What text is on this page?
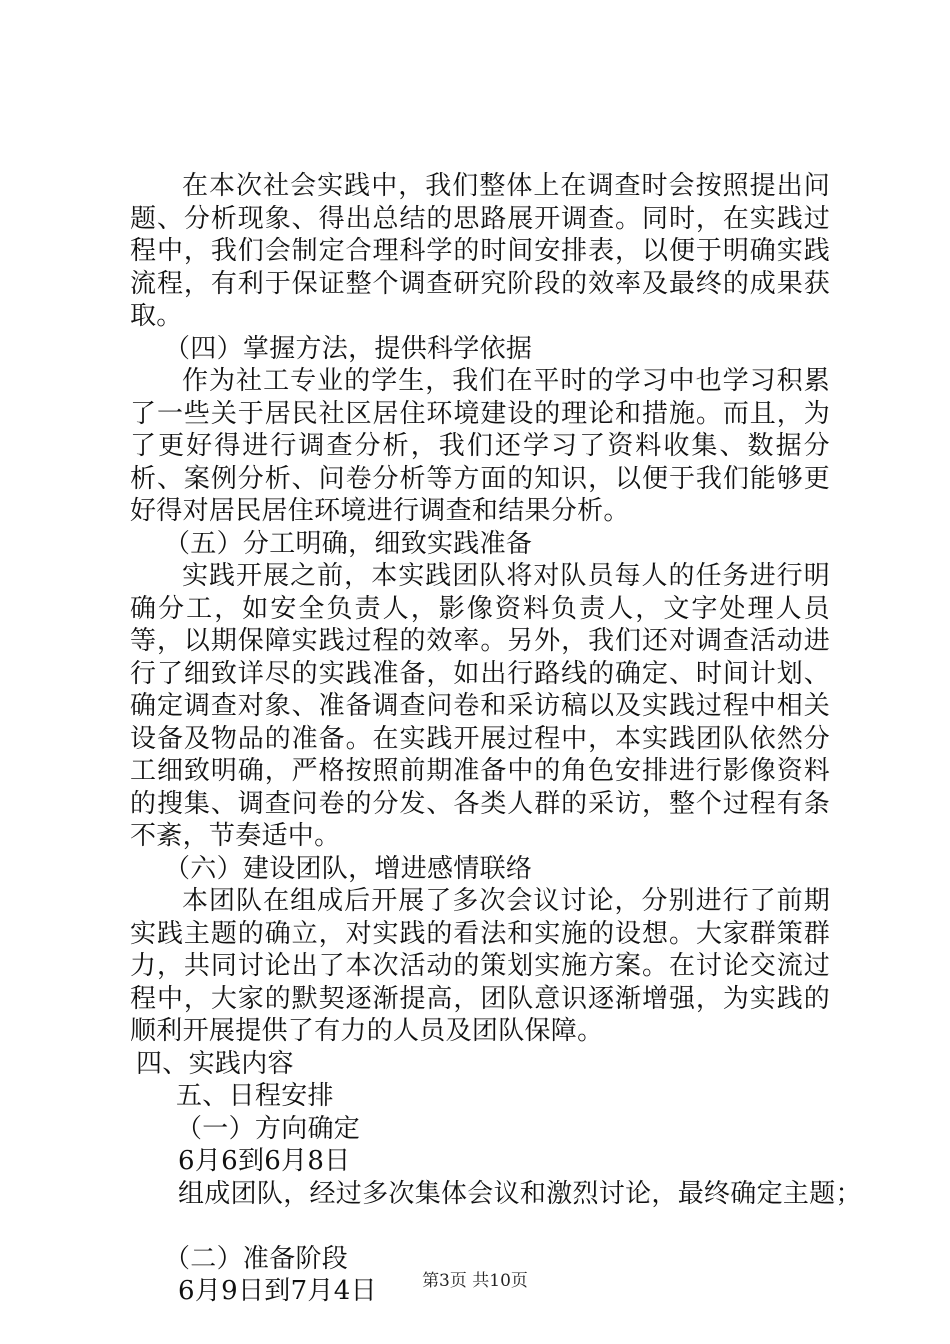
在本次社会实践中，我们整体上在调查时会按照提出问题、分析现象、得出总结的思路展开调查。同时，在实践过程中，我们会制定合理科学的时间安排表，以便于明确实践流程，有利于保证整个调查研究阶段的效率及最终的成果获取。

（四）掌握方法，提供科学依据

作为社工专业的学生，我们在平时的学习中也学习积累了一些关于居民社区居住环境建设的理论和措施。而且，为了更好得进行调查分析，我们还学习了资料收集、数据分析、案例分析、问卷分析等方面的知识，以便于我们能够更好得对居民居住环境进行调查和结果分析。

（五）分工明确，细致实践准备

实践开展之前，本实践团队将对队员每人的任务进行明确分工，如安全负责人，影像资料负责人，文字处理人员等，以期保障实践过程的效率。另外，我们还对调查活动进行了细致详尽的实践准备，如出行路线的确定、时间计划、确定调查对象、准备调查问卷和采访稿以及实践过程中相关设备及物品的准备。在实践开展过程中，本实践团队依然分工细致明确，严格按照前期准备中的角色安排进行影像资料的搜集、调查问卷的分发、各类人群的采访，整个过程有条不紊，节奏适中。

（六）建设团队，增进感情联络

本团队在组成后开展了多次会议讨论，分别进行了前期实践主题的确立，对实践的看法和实施的设想。大家群策群力，共同讨论出了本次活动的策划实施方案。在讨论交流过程中，大家的默契逐渐提高，团队意识逐渐增强，为实践的顺利开展提供了有力的人员及团队保障。

四、实践内容

五、日程安排

（一）方向确定

6月6到6月8日

组成团队，经过多次集体会议和激烈讨论，最终确定主题；

（二）准备阶段

6月9日到7月4日	第3页 共10页
